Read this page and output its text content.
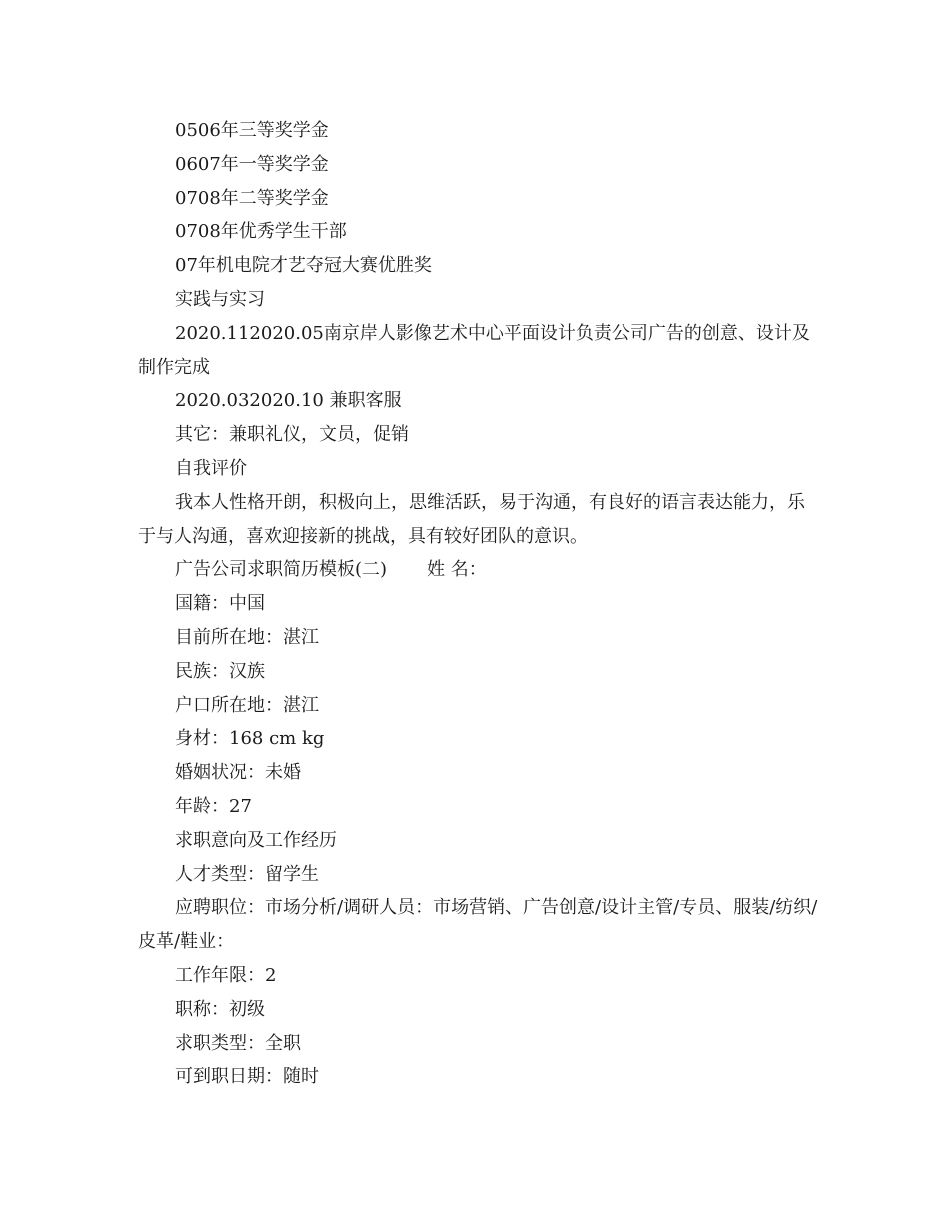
0506年三等奖学金

0607年一等奖学金

0708年二等奖学金

0708年优秀学生干部

07年机电院才艺夺冠大赛优胜奖

实践与实习

2020.112020.05南京岸人影像艺术中心平面设计负责公司广告的创意、设计及制作完成

2020.032020.10 兼职客服

其它：兼职礼仪，文员，促销

自我评价

我本人性格开朗，积极向上，思维活跃，易于沟通，有良好的语言表达能力，乐于与人沟通，喜欢迎接新的挑战，具有较好团队的意识。

广告公司求职简历模板(二) 姓 名：

国籍：中国

目前所在地：湛江

民族：汉族

户口所在地：湛江

身材：168 cm kg

婚姻状况：未婚

年龄：27

求职意向及工作经历

人才类型：留学生

应聘职位：市场分析/调研人员：市场营销、广告创意/设计主管/专员、服装/纺织/皮革/鞋业：

工作年限：2

职称：初级

求职类型：全职

可到职日期：随时
